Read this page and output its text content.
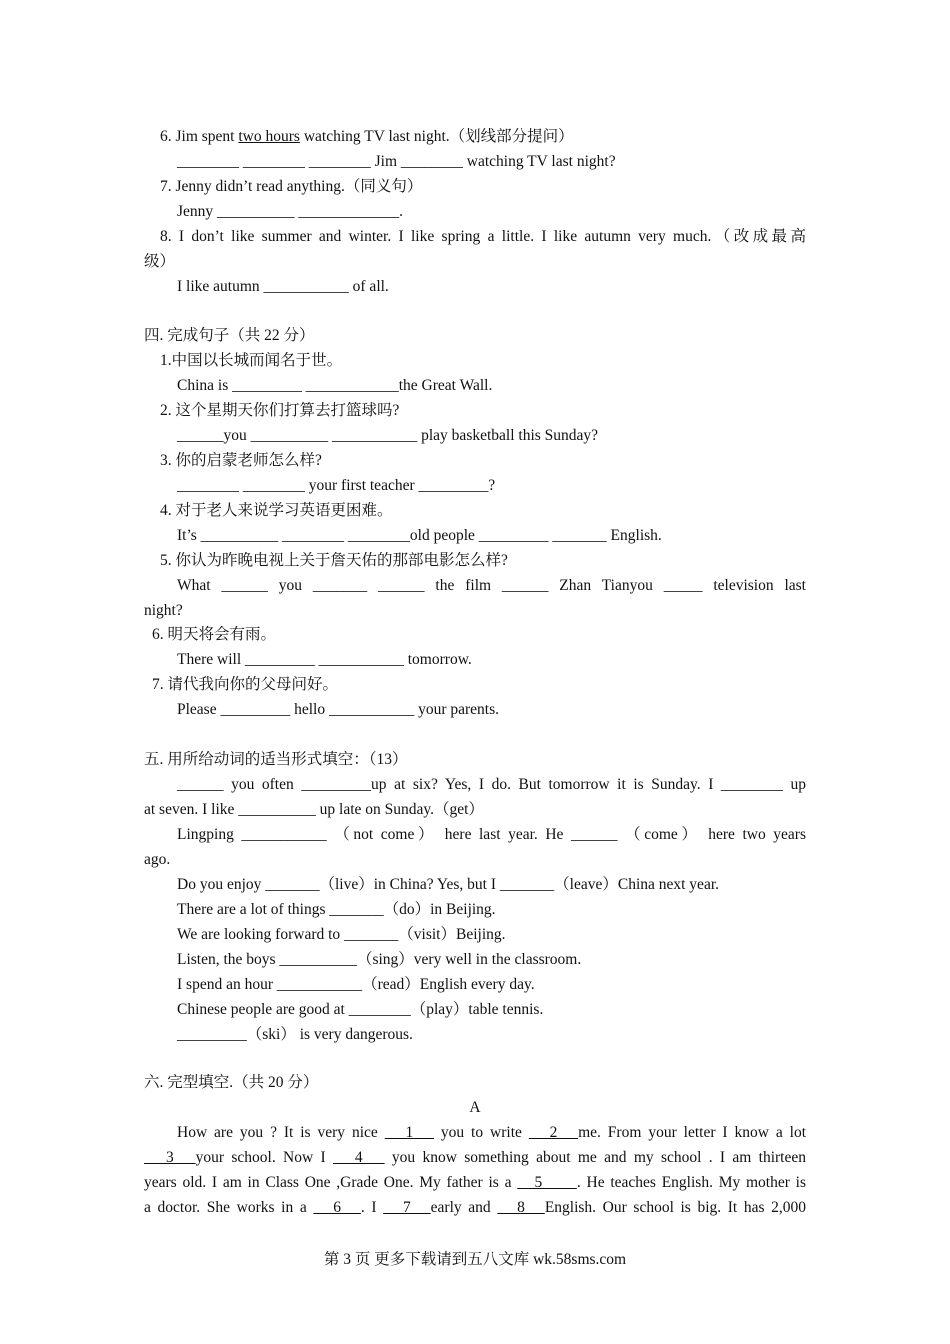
6. Jim spent two hours watching TV last night.（划线部分提问）
________ ________ ________ Jim ________ watching TV last night?
7. Jenny didn’t read anything.（同义句）
Jenny __________ _____________.
8. I don’t like summer and winter. I like spring a little. I like autumn very much.（改成最高
级）
I like autumn ___________ of all.
四. 完成句子（共 22 分）
1.中国以长城而闻名于世。
China is _________ ____________the Great Wall.
2. 这个星期天你们打算去打篮球吗?
______you __________ ___________ play basketball this Sunday?
3. 你的启蒙老师怎么样?
________ ________ your first teacher _________?
4. 对于老人来说学习英语更困难。
It’s __________ ________ ________old people _________ _______ English.
5. 你认为昨晚电视上关于詹天佑的那部电影怎么样?
What ______ you _______ ______ the film ______ Zhan Tianyou _____ television last
night?
6. 明天将会有雨。
There will _________ ___________ tomorrow.
7. 请代我向你的父母问好。
Please _________ hello ___________ your parents.
五. 用所给动词的适当形式填空：（13）
______ you often _________up at six? Yes, I do. But tomorrow it is Sunday. I ________ up
at seven. I like __________ up late on Sunday.（get）
Lingping ___________ （not come） here last year. He ______ （come） here two years
ago.
Do you enjoy _______（live）in China? Yes, but I _______（leave）China next year.
There are a lot of things _______（do）in Beijing.
We are looking forward to _______（visit）Beijing.
Listen, the boys __________（sing）very well in the classroom.
I spend an hour ___________（read）English every day.
Chinese people are good at ________（play）table tennis.
_________（ski） is very dangerous.
六. 完型填空.（共 20 分）
A
How are you ? It is very nice    1    you to write    2   me. From your letter I know a lot
3   your school. Now I    4    you know something about me and my school . I am thirteen
years old. I am in Class One ,Grade One. My father is a    5      . He teaches English. My mother is
a doctor. She works in a    6   . I    7   early and    8   English. Our school is big. It has 2,000
第 3 页 更多下载请到五八文库 wk.58sms.com
